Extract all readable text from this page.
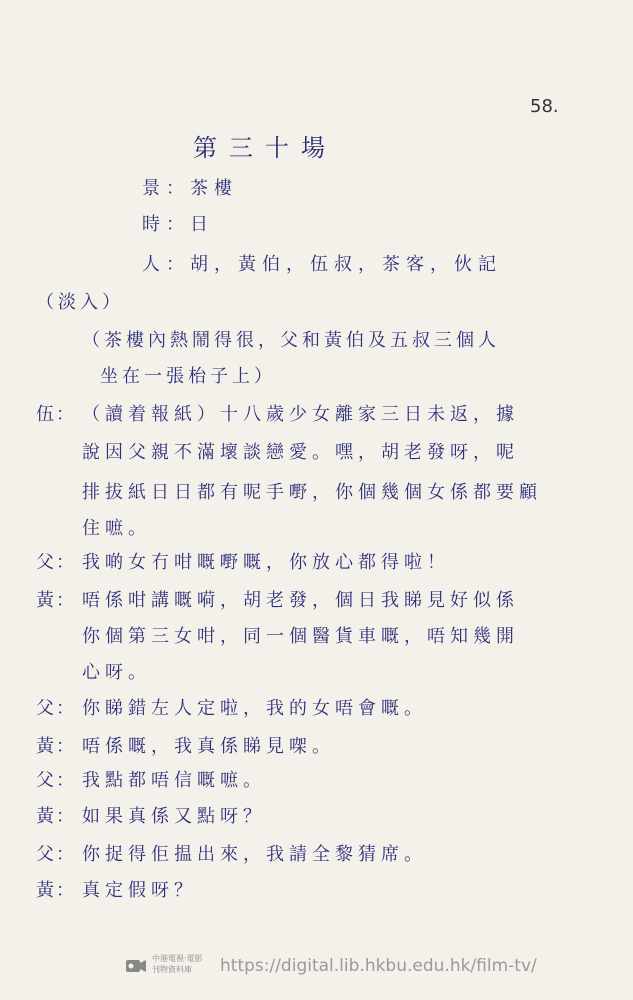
58.
第三十場
景：茶樓
時：日
人：胡，黃伯，伍叔，茶客，伙記
（淡入）
（茶樓內熱鬧得很，父和黃伯及五叔三個人
坐在一張枱子上）
伍： （讀着報紙）十八歲少女離家三日未返，據
說因父親不滿壞談戀愛。嘿，胡老發呀，呢
排拔紙日日都有呢手嘢，你個幾個女係都要顧
住嗻。
父： 我啲女冇咁嘅嘢嘅，你放心都得啦！
黃： 唔係咁講嘅嗬，胡老發，個日我睇見好似係
你個第三女咁，同一個醫貨車嘅，唔知幾開
心呀。
父： 你睇錯左人定啦，我的女唔會嘅。
黃： 唔係嘅，我真係睇見㗎。
父： 我點都唔信嘅嗻。
黃： 如果真係又點呀？
父： 你捉得佢揾出來，我請全黎猜席。
黃： 真定假呀？
中港電視‧電影
刊物資料庫	https://digital.lib.hkbu.edu.hk/film-tv/
